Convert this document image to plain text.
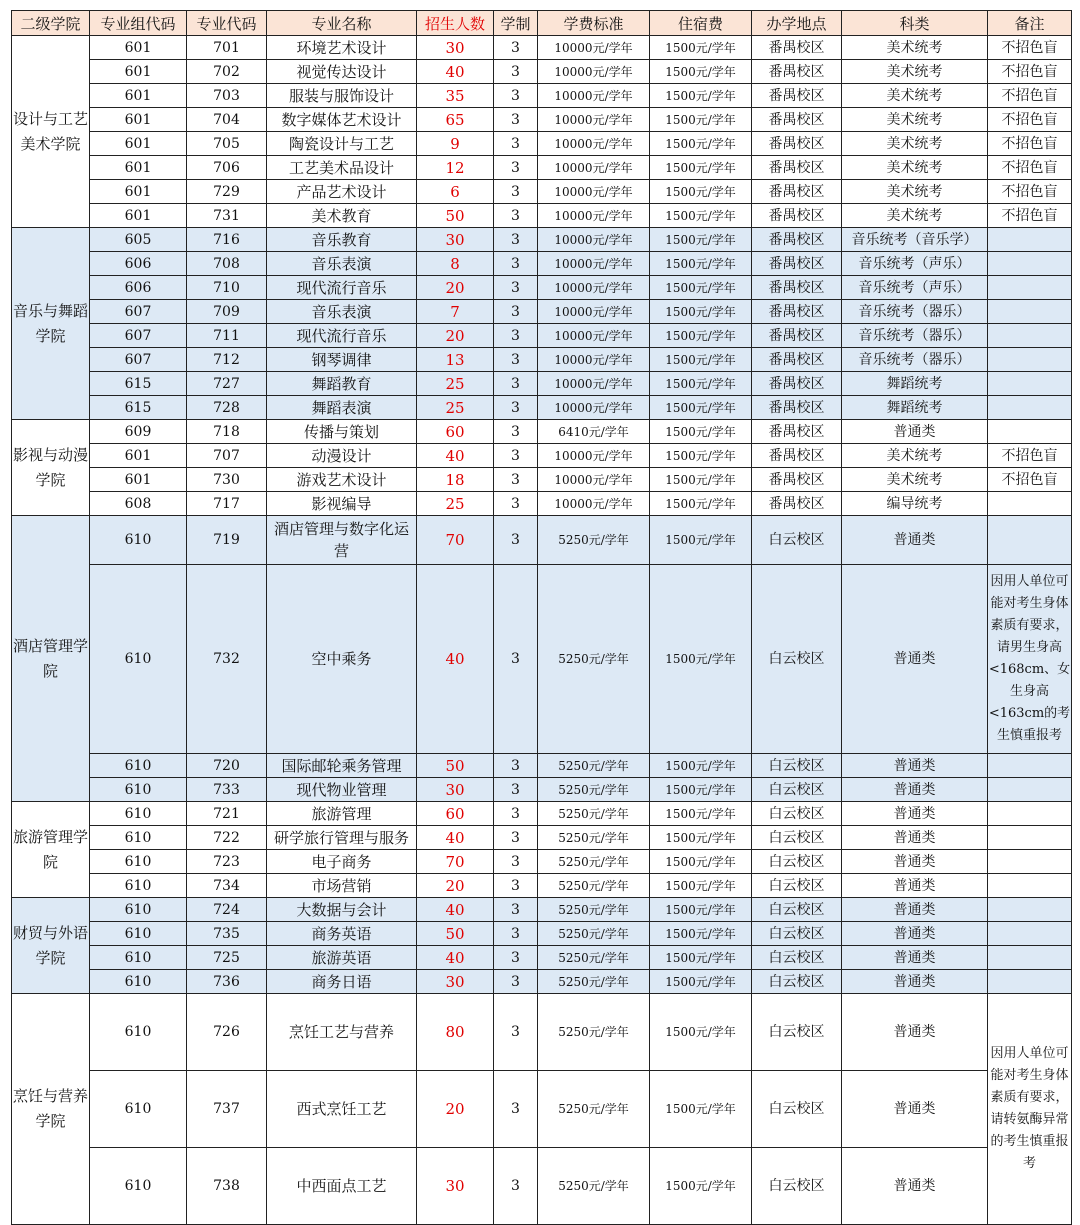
二级学院	专业组代码	专业代码	专业名称	招生人数	学制	学费标准	住宿费	办学地点	科类	备注
设计与工艺美术学院	601	701	环境艺术设计	30	3	10000元/学年	1500元/学年	番禺校区	美术统考	不招色盲
	601	702	视觉传达设计	40	3	10000元/学年	1500元/学年	番禺校区	美术统考	不招色盲
	601	703	服装与服饰设计	35	3	10000元/学年	1500元/学年	番禺校区	美术统考	不招色盲
	601	704	数字媒体艺术设计	65	3	10000元/学年	1500元/学年	番禺校区	美术统考	不招色盲
	601	705	陶瓷设计与工艺	9	3	10000元/学年	1500元/学年	番禺校区	美术统考	不招色盲
	601	706	工艺美术品设计	12	3	10000元/学年	1500元/学年	番禺校区	美术统考	不招色盲
	601	729	产品艺术设计	6	3	10000元/学年	1500元/学年	番禺校区	美术统考	不招色盲
	601	731	美术教育	50	3	10000元/学年	1500元/学年	番禺校区	美术统考	不招色盲
音乐与舞蹈学院	605	716	音乐教育	30	3	10000元/学年	1500元/学年	番禺校区	音乐统考（音乐学）	
	606	708	音乐表演	8	3	10000元/学年	1500元/学年	番禺校区	音乐统考（声乐）	
	606	710	现代流行音乐	20	3	10000元/学年	1500元/学年	番禺校区	音乐统考（声乐）	
	607	709	音乐表演	7	3	10000元/学年	1500元/学年	番禺校区	音乐统考（器乐）	
	607	711	现代流行音乐	20	3	10000元/学年	1500元/学年	番禺校区	音乐统考（器乐）	
	607	712	钢琴调律	13	3	10000元/学年	1500元/学年	番禺校区	音乐统考（器乐）	
	615	727	舞蹈教育	25	3	10000元/学年	1500元/学年	番禺校区	舞蹈统考	
	615	728	舞蹈表演	25	3	10000元/学年	1500元/学年	番禺校区	舞蹈统考	
影视与动漫学院	609	718	传播与策划	60	3	6410元/学年	1500元/学年	番禺校区	普通类	
	601	707	动漫设计	40	3	10000元/学年	1500元/学年	番禺校区	美术统考	不招色盲
	601	730	游戏艺术设计	18	3	10000元/学年	1500元/学年	番禺校区	美术统考	不招色盲
	608	717	影视编导	25	3	10000元/学年	1500元/学年	番禺校区	编导统考	
酒店管理学院	610	719	酒店管理与数字化运营	70	3	5250元/学年	1500元/学年	白云校区	普通类	
	610	732	空中乘务	40	3	5250元/学年	1500元/学年	白云校区	普通类	因用人单位可能对考生身体素质有要求，请男生身高<168cm、女生身高<163cm的考生慎重报考
	610	720	国际邮轮乘务管理	50	3	5250元/学年	1500元/学年	白云校区	普通类	
	610	733	现代物业管理	30	3	5250元/学年	1500元/学年	白云校区	普通类	
旅游管理学院	610	721	旅游管理	60	3	5250元/学年	1500元/学年	白云校区	普通类	
	610	722	研学旅行管理与服务	40	3	5250元/学年	1500元/学年	白云校区	普通类	
	610	723	电子商务	70	3	5250元/学年	1500元/学年	白云校区	普通类	
	610	734	市场营销	20	3	5250元/学年	1500元/学年	白云校区	普通类	
财贸与外语学院	610	724	大数据与会计	40	3	5250元/学年	1500元/学年	白云校区	普通类	
	610	735	商务英语	50	3	5250元/学年	1500元/学年	白云校区	普通类	
	610	725	旅游英语	40	3	5250元/学年	1500元/学年	白云校区	普通类	
	610	736	商务日语	30	3	5250元/学年	1500元/学年	白云校区	普通类	
烹饪与营养学院	610	726	烹饪工艺与营养	80	3	5250元/学年	1500元/学年	白云校区	普通类	因用人单位可能对考生身体素质有要求，请转氨酶异常的考生慎重报考
	610	737	西式烹饪工艺	20	3	5250元/学年	1500元/学年	白云校区	普通类	
	610	738	中西面点工艺	30	3	5250元/学年	1500元/学年	白云校区	普通类	
